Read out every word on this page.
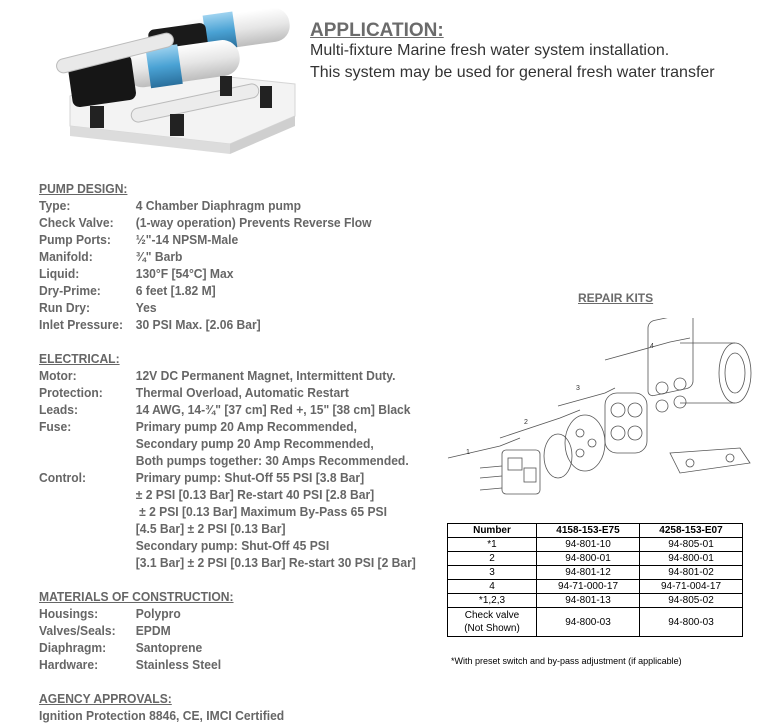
APPLICATION:
Multi-fixture Marine fresh water system installation.
This system may be used for general fresh water transfer
PUMP DESIGN:
Type:	4 Chamber Diaphragm pump
Check Valve:	(1-way operation) Prevents Reverse Flow
Pump Ports:	½"-14 NPSM-Male
Manifold:	¾" Barb
Liquid:	130°F [54°C] Max
Dry-Prime:	6 feet [1.82 M]
Run Dry:	Yes
Inlet Pressure: 30 PSI Max. [2.06 Bar]
ELECTRICAL:
Motor:	12V DC Permanent Magnet, Intermittent Duty.
Protection:	Thermal Overload, Automatic Restart
Leads:	14 AWG, 14-¾" [37 cm] Red +, 15" [38 cm] Black
Fuse:	Primary pump 20 Amp Recommended,
Secondary pump 20 Amp Recommended,
Both pumps together: 30 Amps Recommended.
Control:	Primary pump: Shut-Off 55 PSI [3.8 Bar]
± 2 PSI [0.13 Bar] Re-start 40 PSI [2.8 Bar]
± 2 PSI [0.13 Bar] Maximum By-Pass 65 PSI
[4.5 Bar] ± 2 PSI [0.13 Bar]
Secondary pump: Shut-Off 45 PSI
[3.1 Bar] ± 2 PSI [0.13 Bar] Re-start 30 PSI [2 Bar]
MATERIALS OF CONSTRUCTION:
Housings:	Polypro
Valves/Seals:	EPDM
Diaphragm:	Santoprene
Hardware:	Stainless Steel
AGENCY APPROVALS:
Ignition Protection 8846, CE, IMCI Certified
REPAIR KITS
1
2
3
4
Number	4158-153-E75	4258-153-E07
*1	94-801-10	94-805-01
2	94-800-01	94-800-01
3	94-801-12	94-801-02
4	94-71-000-17	94-71-004-17
*1,2,3	94-801-13	94-805-02
Check valve
(Not Shown)	94-800-03	94-800-03
*With preset switch and by-pass adjustment (if applicable)
